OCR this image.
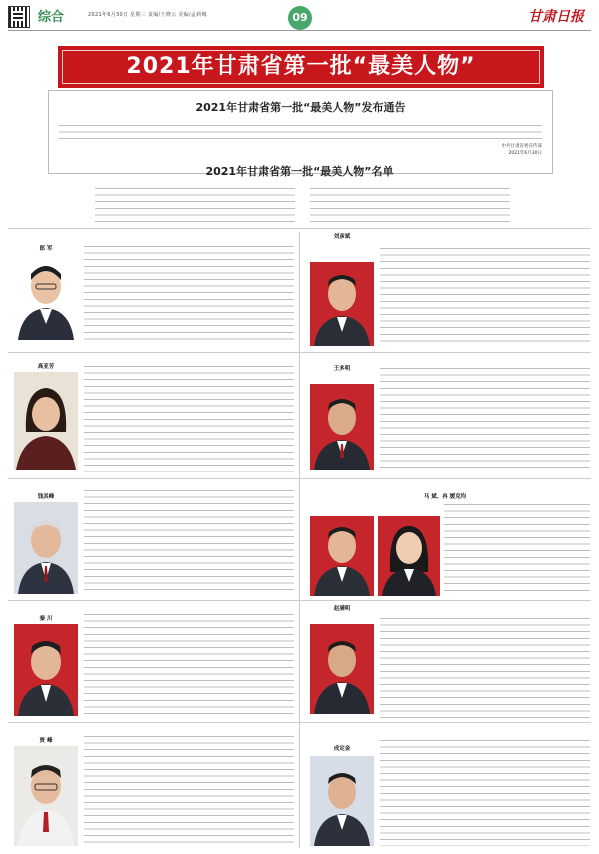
综合	2021年6月30日 星期三 责编/王晓云 美编/孟莉娜	09	甘肃日报
2021年甘肃省第一批“最美人物”
2021年甘肃省第一批“最美人物”发布通告
中共甘肃省委宣传部
2021年6月30日
2021年甘肃省第一批“最美人物”名单
郎 军
高亚芳
钱其峰
秦 川
贾 峰
刘彦斌
王多明
马 斌、冉 媛克均
赵满明
成定金
